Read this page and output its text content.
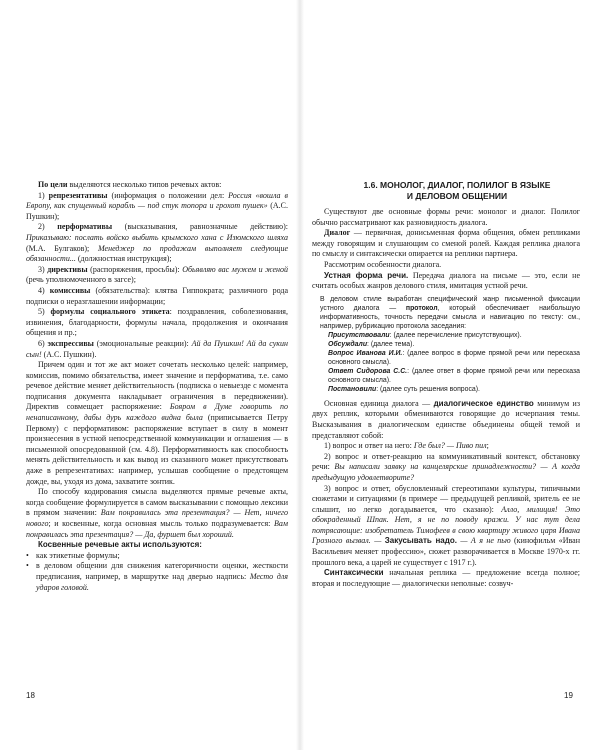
По цели выделяются несколько типов речевых актов:

1) репрезентативы (информация о положении дел: Россия «вошла в Европу, как спущенный корабль — под стук топора и грохот пушек» (А.С. Пушкин);

2) перформативы (высказывания, равнозначные действию): Приказываю: послать войско выбить крымского хана с Изюмского шляха (М.А. Булгаков); Менеджер по продажам выполняет следующие обязанности... (должностная инструкция);

3) директивы (распоряжения, просьбы): Обьявляю вас мужем и женой (речь уполномоченного в загсе);

4) комиссивы (обязательства): клятва Гиппократа; различного рода подписки о неразглашении информации;

5) формулы социального этикета: поздравления, соболезнования, извинения, благодарности, формулы начала, продолжения и окончания общения и пр.;

6) экспрессивы (эмоциональные реакции): Ай да Пушкин! Ай да сукин сын! (А.С. Пушкин).

Причем один и тот же акт может сочетать несколько целей: например, комиссив, помимо обязательства, имеет значение и перформатива, т.е. само речевое действие меняет действительность (подписка о невыезде с момента подписания документа накладывает ограничения в передвижении). Директив совмещает распоряжение: Бояром в Думе говорить по ненаписанному, дабы дурь каждого видна была (приписывается Петру Первому) с перформативом: распоряжение вступает в силу в момент произнесения в устной непосредственной коммуникации и оглашения — в письменной опосредованной (см. 4.8). Перформативность как способность менять действительность и как вывод из сказанного может присутствовать даже в репрезентативах: например, услышав сообщение о предстоящем дожде, вы, уходя из дома, захватите зонтик.

По способу кодирования смысла выделяются прямые речевые акты, когда сообщение формулируется в самом высказывании с помощью лексики в прямом значении: Вам понравилась эта презентация? — Нет, ничего нового; и косвенные, когда основная мысль только подразумевается: Вам понравилась эта презентация? — Да, фуршет был хороший.

Косвенные речевые акты используются:

• как этикетные формулы;
• в деловом общении для снижения категоричности оценки, жесткости предписания, например, в маршрутке над дверью надпись: Место для ударов головой.
18
1.6. МОНОЛОГ, ДИАЛОГ, ПОЛИЛОГ В ЯЗЫКЕ
И ДЕЛОВОМ ОБЩЕНИИ

Существуют две основные формы речи: монолог и диалог. Полилог обычно рассматривают как разновидность диалога.

Диалог — первичная, донисьменная форма общения, обмен репликами между говорящим и слушающим со сменой ролей. Каждая реплика диалога по смыслу и синтаксически опирается на реплики партнера.

Рассмотрим особенности диалога.

Устная форма речи. Передача диалога на письме — это, если не считать особых жанров делового стиля, имитация устной речи.

В деловом стиле выработан специфический жанр письменной фиксации устного диалога — протокол, который обеспечивает наибольшую информативность, точность передачи смысла и навигацию по тексту: см., например, рубрикацию протокола заседания:

Присутствовали: (далее перечисление присутствующих).

Обсуждали: (далее тема).

Вопрос Иванова И.И.: (далее вопрос в форме прямой речи или пересказа основного смысла).

Ответ Сидорова С.С.: (далее ответ в форме прямой речи или пересказа основного смысла).

Постановили: (далее суть решения вопроса).

Основная единица диалога — диалогическое единство минимум из двух реплик, которыми обмениваются говорящие до исчерпания темы. Высказывания в диалогическом единстве объединены общей темой и представляют собой:

1) вопрос и ответ на него: Где был? — Пиво пил;

2) вопрос и ответ-реакцию на коммуникативный контекст, обстановку речи: Вы написали заявку на канцелярские принадлежности? — А когда предыдущую удовлетворите?

3) вопрос и ответ, обусловленный стереотипами культуры, типичными сюжетами и ситуациями (в примере — предыдущей репликой, зритель ее не слышит, но легко догадывается, что сказано): Алло, милиция! Это обокраденный Шпак. Нет, я не по поводу кражи. У нас тут дела потрясающие: изобретатель Тимофеев в свою квартиру живого царя Ивана Грозного вызвал. — Закусывать надо. — А я не пью (кинофильм «Иван Васильевич меняет профессию», сюжет разворачивается в Москве 1970-х гг. прошлого века, а царей не существует с 1917 г.).

Синтаксически начальная реплика — предложение всегда полное; вторая и последующие — диалогически неполные: созвуч-

19
